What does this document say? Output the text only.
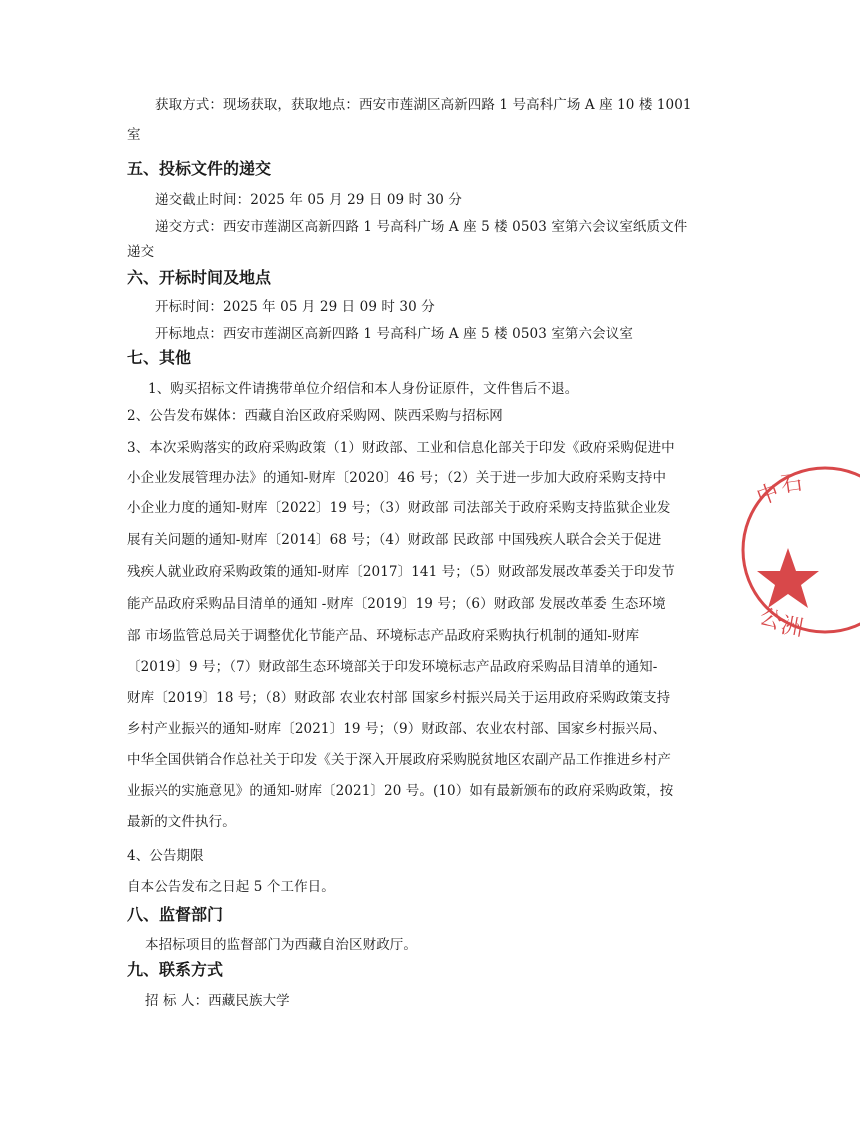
获取方式：现场获取，获取地点：西安市莲湖区高新四路 1 号高科广场 A 座 10 楼 1001
室
五、投标文件的递交
递交截止时间：2025 年 05 月 29 日 09 时 30 分
递交方式：西安市莲湖区高新四路 1 号高科广场 A 座 5 楼 0503 室第六会议室纸质文件
递交
六、开标时间及地点
开标时间：2025 年 05 月 29 日 09 时 30 分
开标地点：西安市莲湖区高新四路 1 号高科广场 A 座 5 楼 0503 室第六会议室
七、其他
1、购买招标文件请携带单位介绍信和本人身份证原件，文件售后不退。
2、公告发布媒体：西藏自治区政府采购网、陕西采购与招标网
3、本次采购落实的政府采购政策（1）财政部、工业和信息化部关于印发《政府采购促进中
小企业发展管理办法》的通知-财库〔2020〕46 号；（2）关于进一步加大政府采购支持中
小企业力度的通知-财库〔2022〕19 号；（3）财政部 司法部关于政府采购支持监狱企业发
展有关问题的通知-财库〔2014〕68 号；（4）财政部 民政部 中国残疾人联合会关于促进
残疾人就业政府采购政策的通知-财库〔2017〕141 号；（5）财政部发展改革委关于印发节
能产品政府采购品目清单的通知 -财库〔2019〕19 号；（6）财政部 发展改革委 生态环境
部 市场监管总局关于调整优化节能产品、环境标志产品政府采购执行机制的通知-财库
〔2019〕9 号；（7）财政部生态环境部关于印发环境标志产品政府采购品目清单的通知-
财库〔2019〕18 号；（8）财政部 农业农村部 国家乡村振兴局关于运用政府采购政策支持
乡村产业振兴的通知-财库〔2021〕19 号；（9）财政部、农业农村部、国家乡村振兴局、
中华全国供销合作总社关于印发《关于深入开展政府采购脱贫地区农副产品工作推进乡村产
业振兴的实施意见》的通知-财库〔2021〕20 号。(10）如有最新颁布的政府采购政策，按
最新的文件执行。
4、公告期限
自本公告发布之日起 5 个工作日。
八、监督部门
本招标项目的监督部门为西藏自治区财政厅。
九、联系方式
招 标 人：西藏民族大学
中
石
公
洲
